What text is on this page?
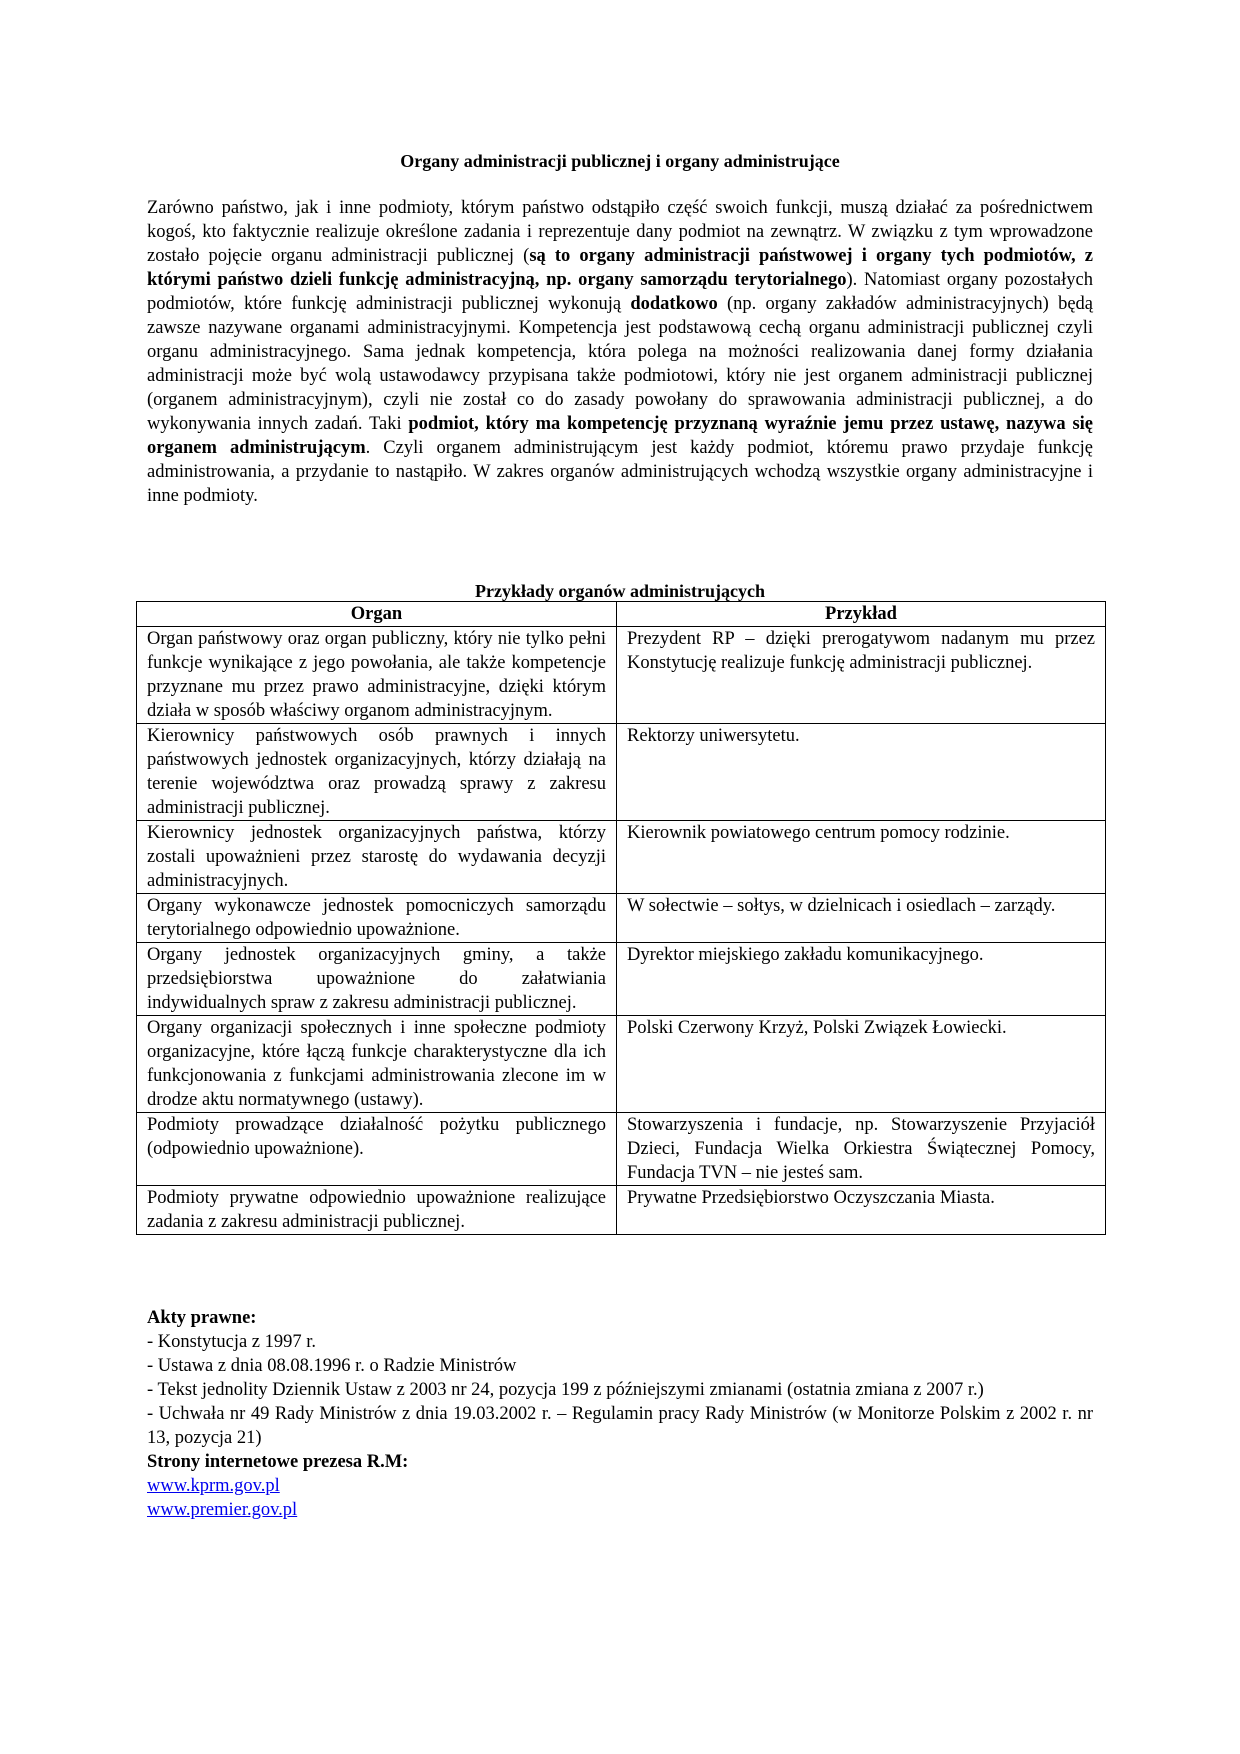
Organy administracji publicznej i organy administrujące
Zarówno państwo, jak i inne podmioty, którym państwo odstąpiło część swoich funkcji, muszą działać za pośrednictwem kogoś, kto faktycznie realizuje określone zadania i reprezentuje dany podmiot na zewnątrz. W związku z tym wprowadzone zostało pojęcie organu administracji publicznej (są to organy administracji państwowej i organy tych podmiotów, z którymi państwo dzieli funkcję administracyjną, np. organy samorządu terytorialnego). Natomiast organy pozostałych podmiotów, które funkcję administracji publicznej wykonują dodatkowo (np. organy zakładów administracyjnych) będą zawsze nazywane organami administracyjnymi. Kompetencja jest podstawową cechą organu administracji publicznej czyli organu administracyjnego. Sama jednak kompetencja, która polega na możności realizowania danej formy działania administracji może być wolą ustawodawcy przypisana także podmiotowi, który nie jest organem administracji publicznej (organem administracyjnym), czyli nie został co do zasady powołany do sprawowania administracji publicznej, a do wykonywania innych zadań. Taki podmiot, który ma kompetencję przyznaną wyraźnie jemu przez ustawę, nazywa się organem administrującym. Czyli organem administrującym jest każdy podmiot, któremu prawo przydaje funkcję administrowania, a przydanie to nastąpiło. W zakres organów administrujących wchodzą wszystkie organy administracyjne i inne podmioty.
Przykłady organów administrujących
Organ	Przykład
Organ państwowy oraz organ publiczny, który nie tylko pełni funkcje wynikające z jego powołania, ale także kompetencje przyznane mu przez prawo administracyjne, dzięki którym działa w sposób właściwy organom administracyjnym.	Prezydent RP – dzięki prerogatywom nadanym mu przez Konstytucję realizuje funkcję administracji publicznej.
Kierownicy państwowych osób prawnych i innych państwowych jednostek organizacyjnych, którzy działają na terenie województwa oraz prowadzą sprawy z zakresu administracji publicznej.	Rektorzy uniwersytetu.
Kierownicy jednostek organizacyjnych państwa, którzy zostali upoważnieni przez starostę do wydawania decyzji administracyjnych.	Kierownik powiatowego centrum pomocy rodzinie.
Organy wykonawcze jednostek pomocniczych samorządu terytorialnego odpowiednio upoważnione.	W sołectwie – sołtys, w dzielnicach i osiedlach – zarządy.
Organy jednostek organizacyjnych gminy, a także przedsiębiorstwa upoważnione do załatwiania indywidualnych spraw z zakresu administracji publicznej.	Dyrektor miejskiego zakładu komunikacyjnego.
Organy organizacji społecznych i inne społeczne podmioty organizacyjne, które łączą funkcje charakterystyczne dla ich funkcjonowania z funkcjami administrowania zlecone im w drodze aktu normatywnego (ustawy).	Polski Czerwony Krzyż, Polski Związek Łowiecki.
Podmioty prowadzące działalność pożytku publicznego (odpowiednio upoważnione).	Stowarzyszenia i fundacje, np. Stowarzyszenie Przyjaciół Dzieci, Fundacja Wielka Orkiestra Świątecznej Pomocy, Fundacja TVN – nie jesteś sam.
Podmioty prywatne odpowiednio upoważnione realizujące zadania z zakresu administracji publicznej.	Prywatne Przedsiębiorstwo Oczyszczania Miasta.
Akty prawne:
- Konstytucja z 1997 r.
- Ustawa z dnia 08.08.1996 r. o Radzie Ministrów
- Tekst jednolity Dziennik Ustaw z 2003 nr 24, pozycja 199 z późniejszymi zmianami (ostatnia zmiana z 2007 r.)
- Uchwała nr 49 Rady Ministrów z dnia 19.03.2002 r. – Regulamin pracy Rady Ministrów (w Monitorze Polskim z 2002 r. nr 13, pozycja 21)
Strony internetowe prezesa R.M:
www.kprm.gov.pl
www.premier.gov.pl
